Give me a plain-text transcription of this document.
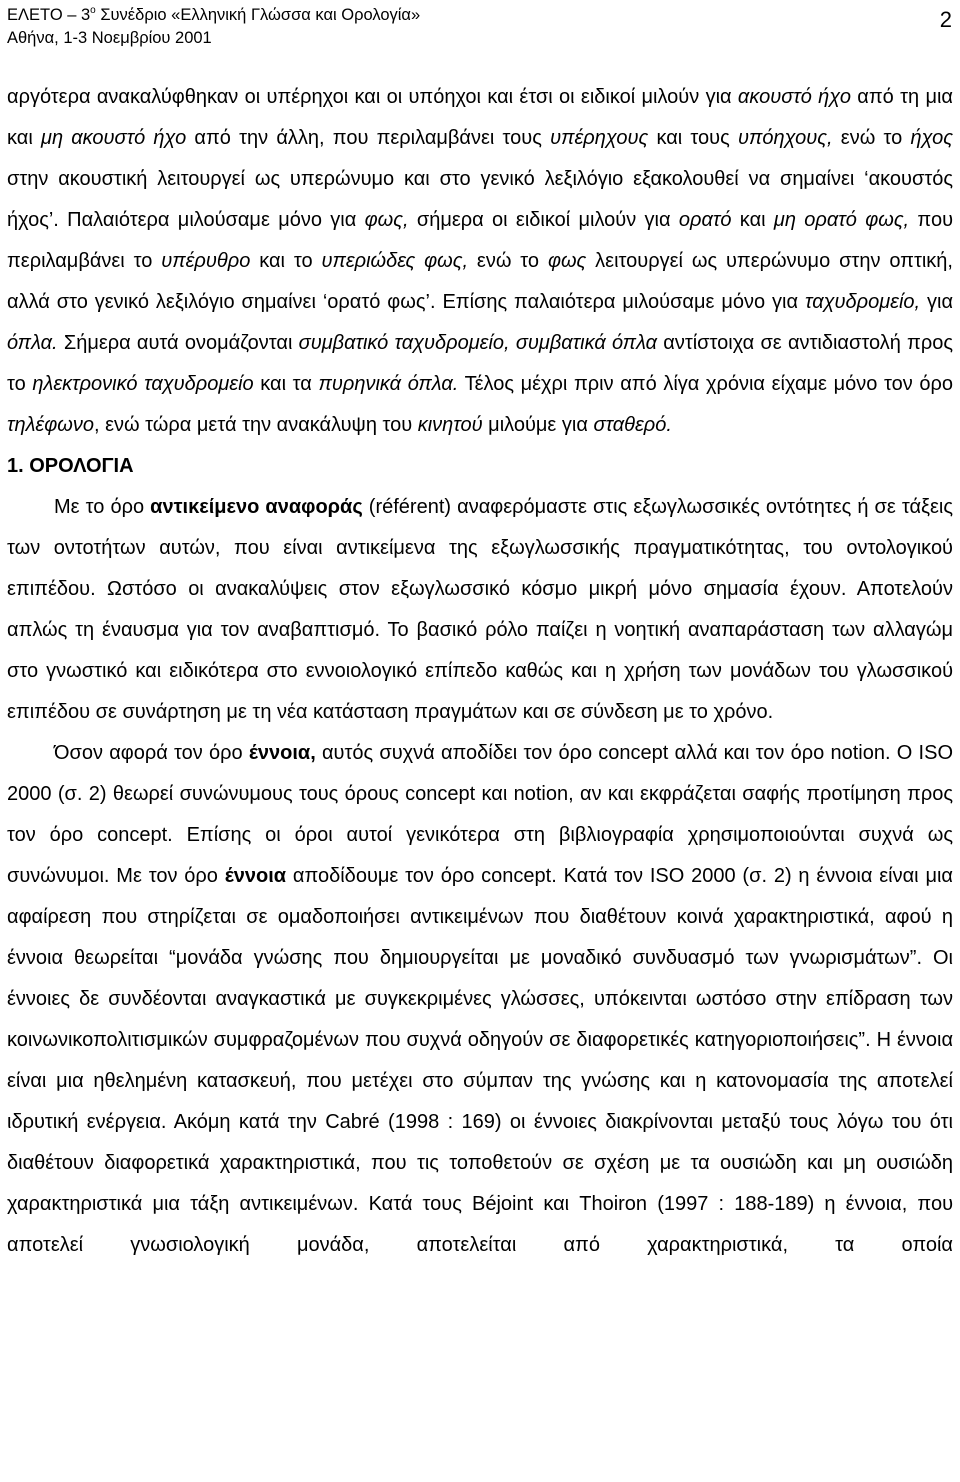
ΕΛΕΤΟ – $3^o$ Συνέδριο «Ελληνική Γλώσσα και Ορολογία»
Αθήνα, 1-3 Νοεμβρίου 2001
2

αργότερα ανακαλύφθηκαν οι υπέρηχοι και οι υπόηχοι και έτσι οι ειδικοί μιλούν για ακουστό ήχο από τη μια και μη ακουστό ήχο από την άλλη, που περιλαμβάνει τους υπέρηχους και τους υπόηχους, ενώ το ήχος στην ακουστική λειτουργεί ως υπερώνυμο και στο γενικό λεξιλόγιο εξακολουθεί να σημαίνει ‘ακουστός ήχος’. Παλαιότερα μιλούσαμε μόνο για φως, σήμερα οι ειδικοί μιλούν για ορατό και μη ορατό φως, που περιλαμβάνει το υπέρυθρο και το υπεριώδες φως, ενώ το φως λειτουργεί ως υπερώνυμο στην οπτική, αλλά στο γενικό λεξιλόγιο σημαίνει ‘ορατό φως’. Επίσης παλαιότερα μιλούσαμε μόνο για ταχυδρομείο, για όπλα. Σήμερα αυτά ονομάζονται συμβατικό ταχυδρομείο, συμβατικά όπλα αντίστοιχα σε αντιδιαστολή προς το ηλεκτρονικό ταχυδρομείο και τα πυρηνικά όπλα. Τέλος μέχρι πριν από λίγα χρόνια είχαμε μόνο τον όρο τηλέφωνο, ενώ τώρα μετά την ανακάλυψη του κινητού μιλούμε για σταθερό.

1. ΟΡΟΛΟΓΙΑ

Με το όρο αντικείμενο αναφοράς (référent) αναφερόμαστε στις εξωγλωσσικές οντότητες ή σε τάξεις των οντοτήτων αυτών, που είναι αντικείμενα της εξωγλωσσικής πραγματικότητας, του οντολογικού επιπέδου. Ωστόσο οι ανακαλύψεις στον εξωγλωσσικό κόσμο μικρή μόνο σημασία έχουν. Αποτελούν απλώς τη έναυσμα για τον αναβαπτισμό. Το βασικό ρόλο παίζει η νοητική αναπαράσταση των αλλαγώμ στο γνωστικό και ειδικότερα στο εννοιολογικό επίπεδο καθώς και η χρήση των μονάδων του γλωσσικού επιπέδου σε συνάρτηση με τη νέα κατάσταση πραγμάτων και σε σύνδεση με το χρόνο.

Όσον αφορά τον όρο έννοια, αυτός συχνά αποδίδει τον όρο concept αλλά και τον όρο notion. Ο ISO 2000 (σ. 2) θεωρεί συνώνυμους τους όρους concept και notion, αν και εκφράζεται σαφής προτίμηση προς τον όρο concept. Επίσης οι όροι αυτοί γενικότερα στη βιβλιογραφία χρησιμοποιούνται συχνά ως συνώνυμοι. Με τον όρο έννοια αποδίδουμε τον όρο concept. Κατά τον ISO 2000 (σ. 2) η έννοια είναι μια αφαίρεση που στηρίζεται σε ομαδοποιήσει αντικειμένων που διαθέτουν κοινά χαρακτηριστικά, αφού η έννοια θεωρείται “μονάδα γνώσης που δημιουργείται με μοναδικό συνδυασμό των γνωρισμάτων”. Οι έννοιες δε συνδέονται αναγκαστικά με συγκεκριμένες γλώσσες, υπόκεινται ωστόσο στην επίδραση των κοινωνικοπολιτισμικών συμφραζομένων που συχνά οδηγούν σε διαφορετικές κατηγοριοποιήσεις”. Η έννοια είναι μια ηθελημένη κατασκευή, που μετέχει στο σύμπαν της γνώσης και η κατονομασία της αποτελεί ιδρυτική ενέργεια. Ακόμη κατά την Cabré (1998 : 169) οι έννοιες διακρίνονται μεταξύ τους λόγω του ότι διαθέτουν διαφορετικά χαρακτηριστικά, που τις τοποθετούν σε σχέση με τα ουσιώδη και μη ουσιώδη χαρακτηριστικά μια τάξη αντικειμένων. Κατά τους Béjoint και Thoiron (1997 : 188-189) η έννοια, που αποτελεί γνωσιολογική μονάδα, αποτελείται από χαρακτηριστικά, τα οποία
